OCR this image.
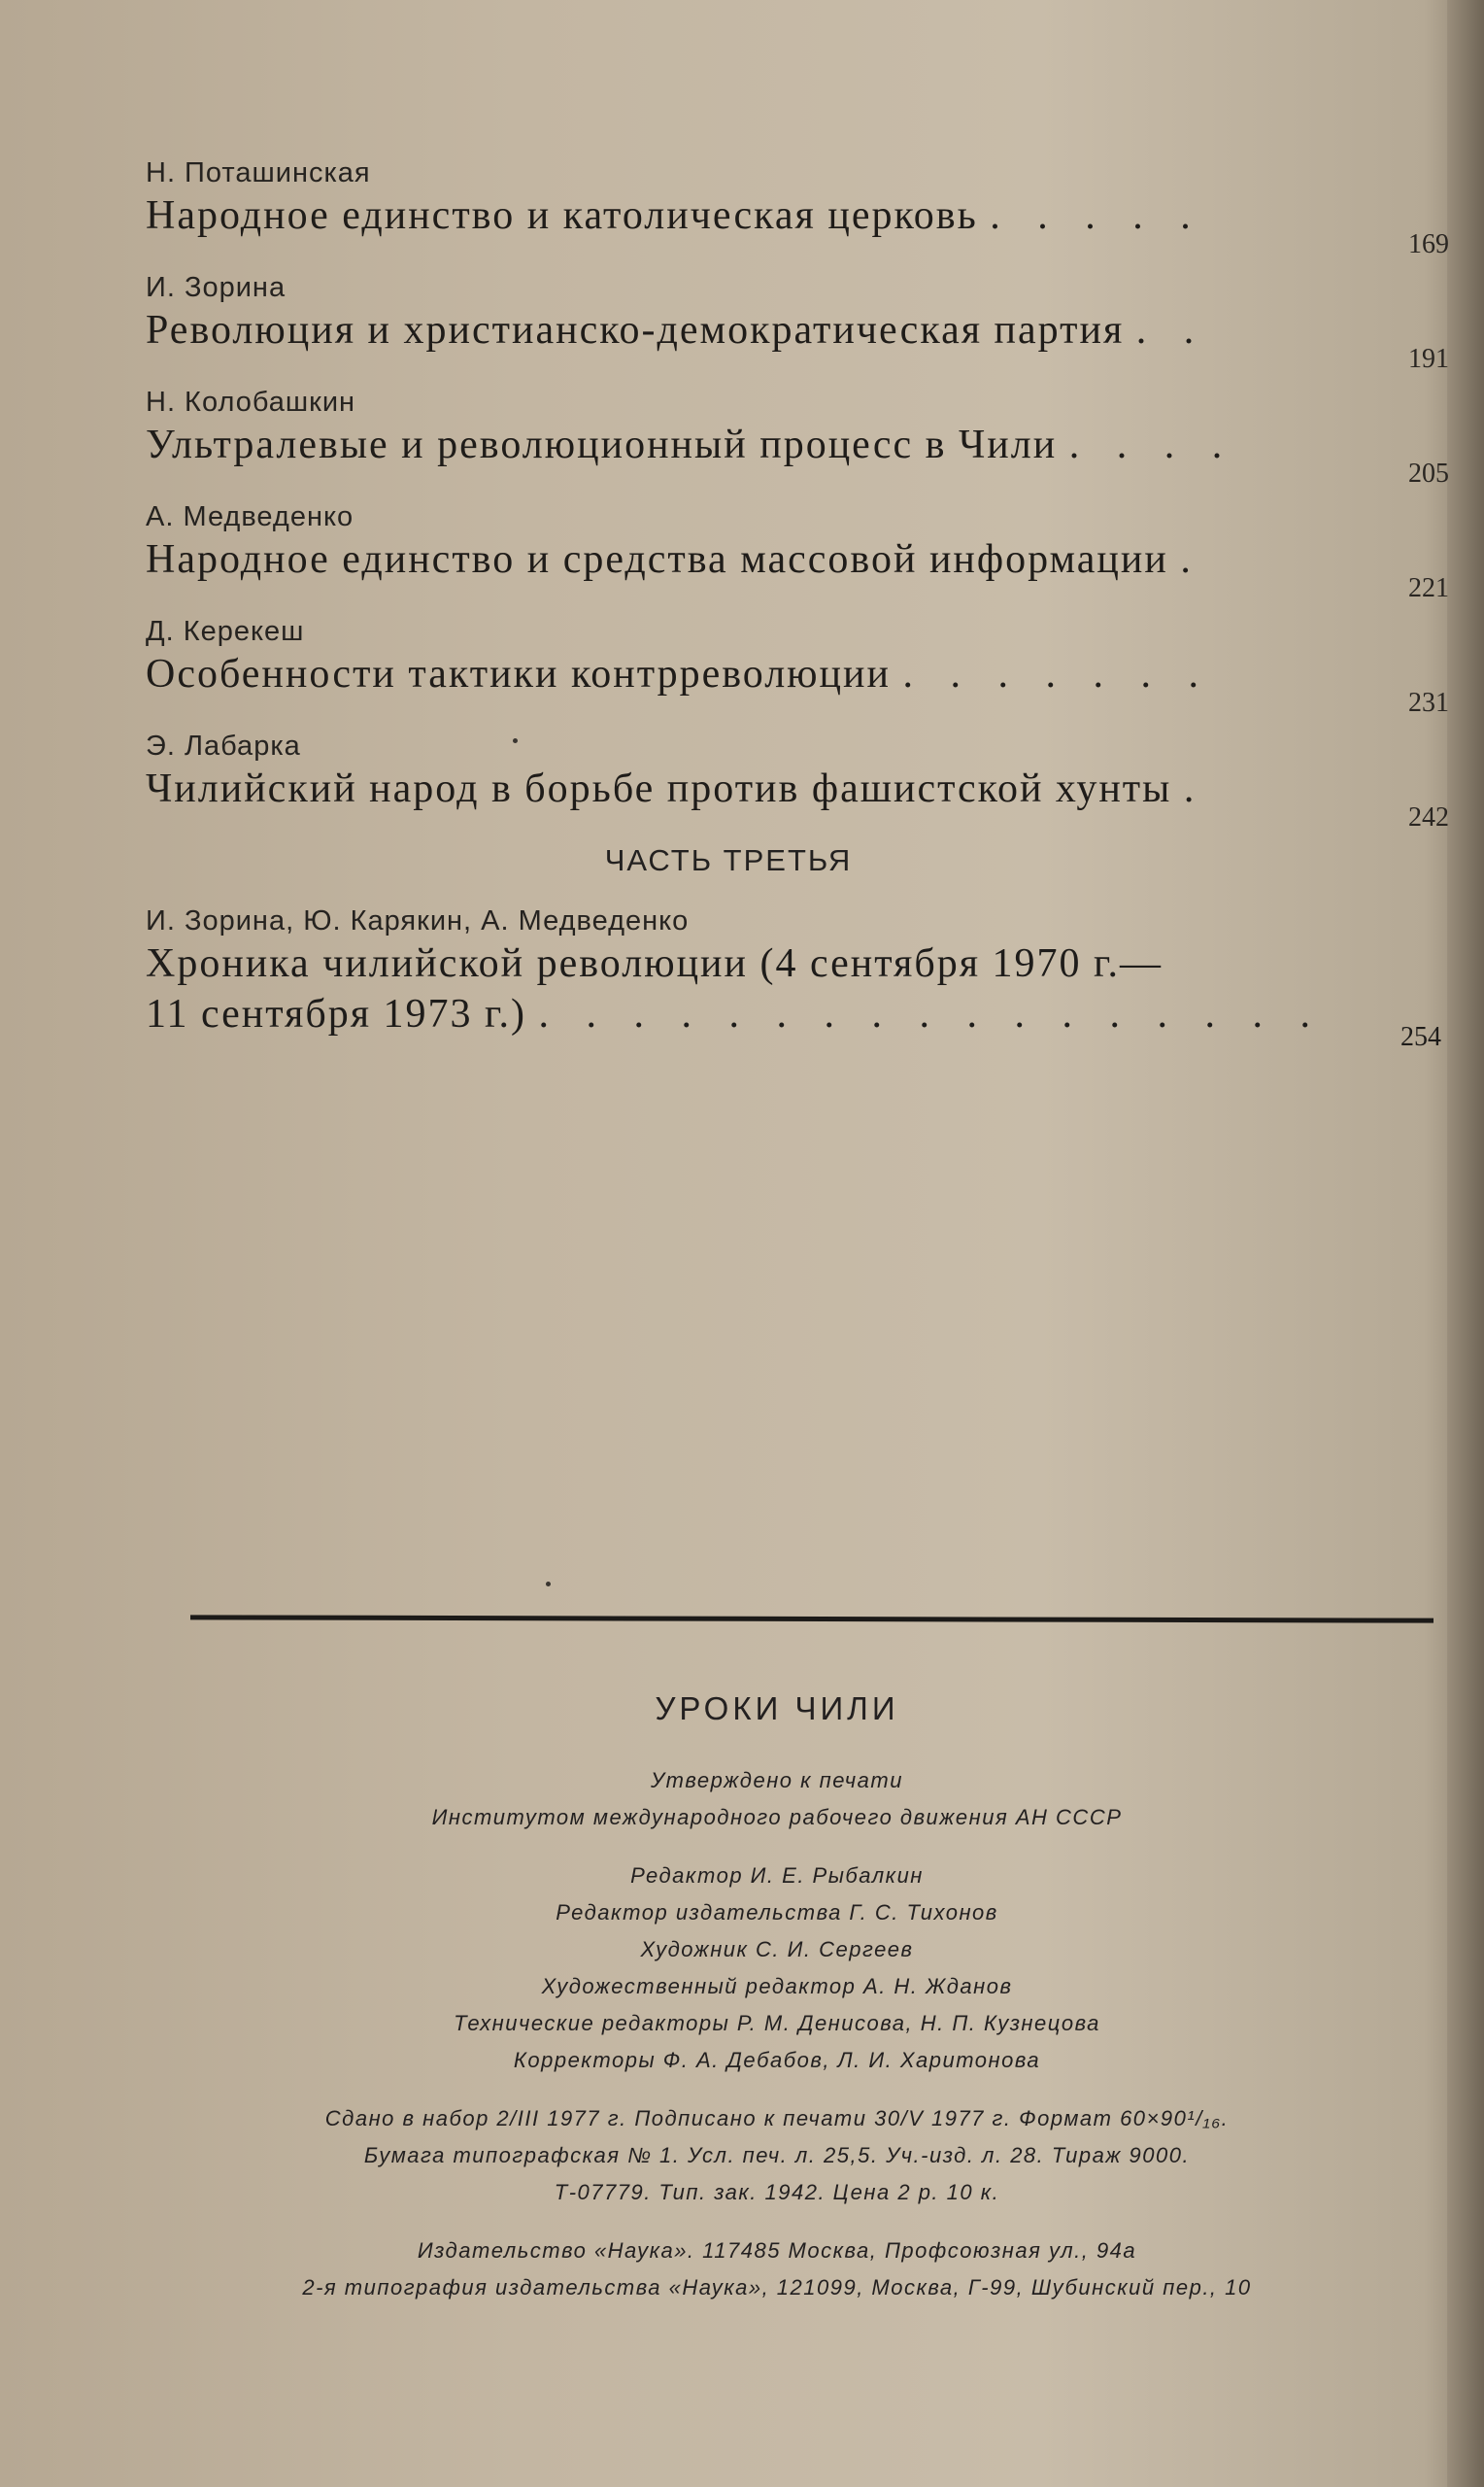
Н. Поташинская
Народное единство и католическая церковь . . . . .
169
И. Зорина
Революция и христианско-демократическая партия . .
191
Н. Колобашкин
Ультралевые и революционный процесс в Чили . . . .
205
А. Медведенко
Народное единство и средства массовой информации .
221
Д. Керекеш
Особенности тактики контрреволюции . . . . . . .
231
Э. Лабарка
Чилийский народ в борьбе против фашистской хунты .
242
ЧАСТЬ ТРЕТЬЯ
И. Зорина, Ю. Карякин, А. Медведенко
Хроника чилийской революции (4 сентября 1970 г.—
11 сентября 1973 г.) . . . . . . . . . . . . . . . . .
254
УРОКИ ЧИЛИ
Утверждено к печати
Институтом международного рабочего движения АН СССР
Редактор И. Е. Рыбалкин
Редактор издательства Г. С. Тихонов
Художник С. И. Сергеев
Художественный редактор А. Н. Жданов
Технические редакторы Р. М. Денисова, Н. П. Кузнецова
Корректоры Ф. А. Дебабов, Л. И. Харитонова
Сдано в набор 2/III 1977 г. Подписано к печати 30/V 1977 г. Формат 60×90¹/₁₆.
Бумага типографская № 1. Усл. печ. л. 25,5. Уч.-изд. л. 28. Тираж 9000.
Т-07779. Тип. зак. 1942. Цена 2 р. 10 к.
Издательство «Наука». 117485 Москва, Профсоюзная ул., 94а
2-я типография издательства «Наука», 121099, Москва, Г-99, Шубинский пер., 10
